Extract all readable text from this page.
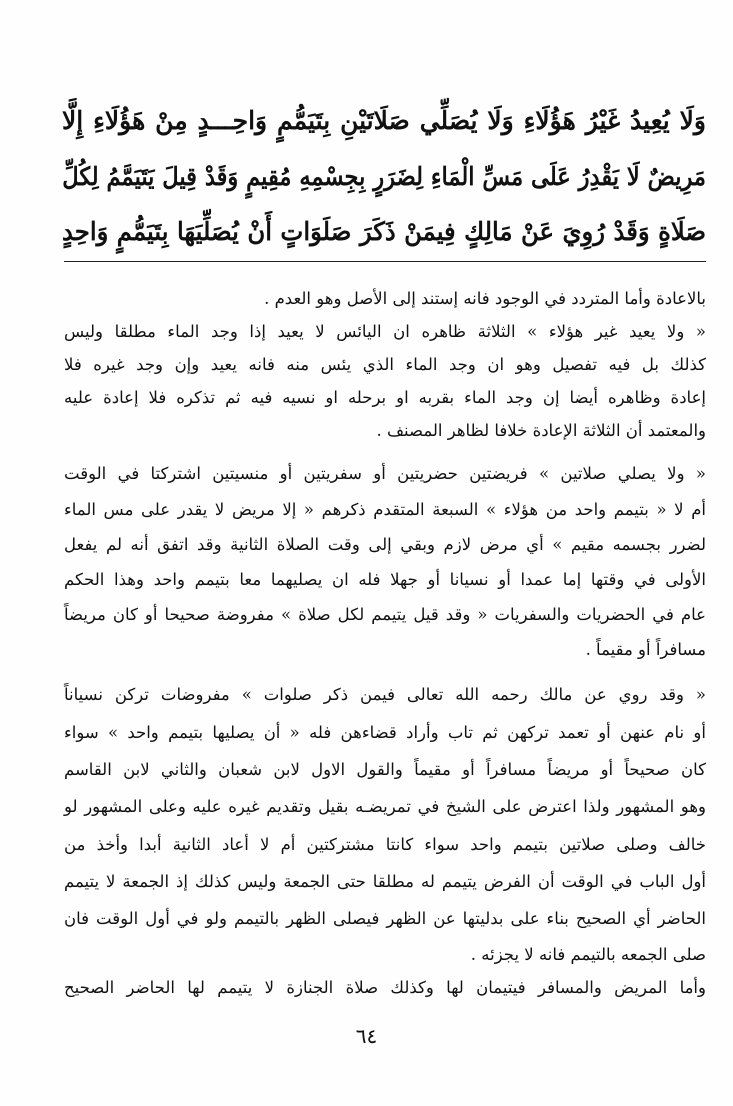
وَلَا يُعِيدُ غَيْرُ هَؤُلَاءِ وَلَا يُصَلِّي صَلَاتَيْنِ بِتَيَمُّمٍ وَاحِـــدٍ مِنْ هَؤُلَاءِ إِلَّا
مَرِيضٌ لَا يَقْدِرُ عَلَى مَسِّ الْمَاءِ لِضَرَرٍ بِجِسْمِهِ مُقِيمٍ وَقَدْ قِيلَ يَتَيَمَّمُ لِكُلِّ
صَلَاةٍ وَقَدْ رُوِيَ عَنْ مَالِكٍ فِيمَنْ ذَكَرَ صَلَوَاتٍ أَنْ يُصَلِّيَهَا بِتَيَمُّمٍ وَاحِدٍ
بالاعادة وأما المتردد في الوجود فانه إستند إلى الأصل وهو العدم .
« ولا يعيد غير هؤلاء » الثلاثة ظاهره ان اليائس لا يعيد إذا وجد الماء مطلقا وليس
كذلك بل فيه تفصيل وهو ان وجد الماء الذي يئس منه فانه يعيد وإن وجد غيره فلا
إعادة وظاهره أيضا إن وجد الماء بقربه او برحله او نسيه فيه ثم تذكره فلا إعادة عليه
والمعتمد أن الثلاثة الإعادة خلافا لظاهر المصنف .
« ولا يصلي صلاتين » فريضتين حضريتين أو سفريتين أو منسيتين اشتركتا في الوقت
أم لا « بتيمم واحد من هؤلاء » السبعة المتقدم ذكرهم « إلا مريض لا يقدر على مس الماء
لضرر بجسمه مقيم » أي مرض لازم وبقي إلى وقت الصلاة الثانية وقد اتفق أنه لم يفعل
الأولى في وقتها إما عمدا أو نسيانا أو جهلا فله ان يصليهما معا بتيمم واحد وهذا الحكم
عام في الحضريات والسفريات « وقد قيل يتيمم لكل صلاة » مفروضة صحيحا أو كان مريضاً
مسافراً أو مقيماً .
« وقد روي عن مالك رحمه الله تعالى فيمن ذكر صلوات » مفروضات تركن نسياناً
أو نام عنهن أو تعمد تركهن ثم تاب وأراد قضاءهن فله « أن يصليها بتيمم واحد » سواء
كان صحيحاً أو مريضاً مسافراً أو مقيماً والقول الاول لابن شعبان والثاني لابن القاسم
وهو المشهور ولذا اعترض على الشيخ في تمريضـه بقيل وتقديم غيره عليه وعلى المشهور لو
خالف وصلى صلاتين بتيمم واحد سواء كانتا مشتركتين أم لا أعاد الثانية أبدا وأخذ من
أول الباب في الوقت أن الفرض يتيمم له مطلقا حتى الجمعة وليس كذلك إذ الجمعة لا يتيمم
الحاضر أي الصحيح بناء على بدليتها عن الظهر فيصلى الظهر بالتيمم ولو في أول الوقت فان
صلى الجمعه بالتيمم فانه لا يجزئه .
وأما المريض والمسافر فيتيمان لها وكذلك صلاة الجنازة لا يتيمم لها الحاضر الصحيح
٦٤
